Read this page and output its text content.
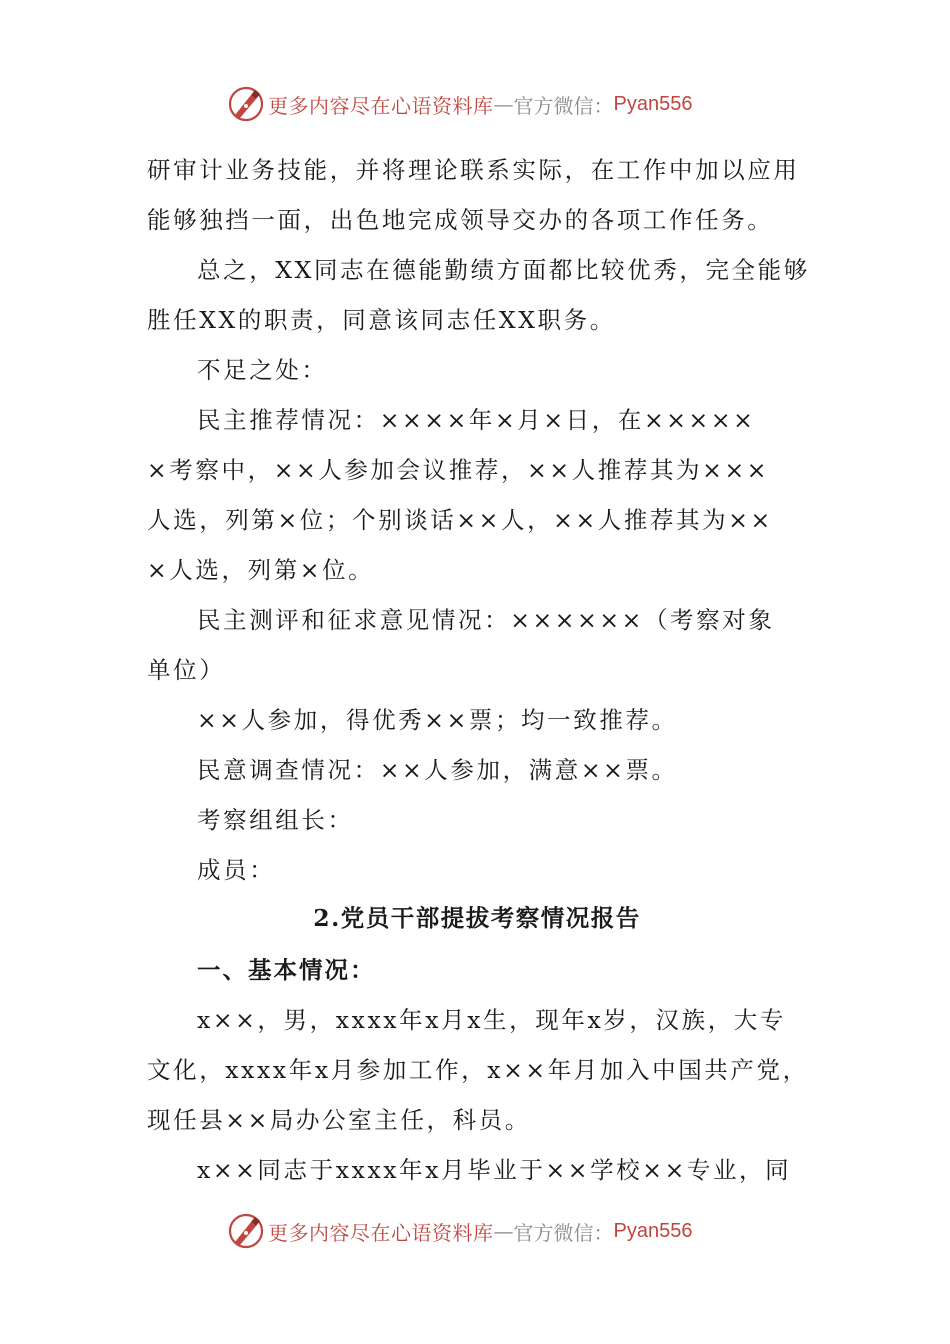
更多内容尽在心语资料库 — 官方微信： Pyan556
研审计业务技能，并将理论联系实际，在工作中加以应用
能够独挡一面，出色地完成领导交办的各项工作任务。
总之，XX同志在德能勤绩方面都比较优秀，完全能够
胜任XX的职责，同意该同志任XX职务。
不足之处：
民主推荐情况：××××年×月×日，在×××××
×考察中，××人参加会议推荐，××人推荐其为×××
人选，列第×位；个别谈话××人，××人推荐其为××
×人选，列第×位。
民主测评和征求意见情况：××××××（考察对象
单位）
××人参加，得优秀××票；均一致推荐。
民意调查情况：××人参加，满意××票。
考察组组长：
成员：
2.党员干部提拔考察情况报告
一、基本情况：
x××，男，xxxx年x月x生，现年x岁，汉族，大专
文化，xxxx年x月参加工作，x××年月加入中国共产党，
现任县××局办公室主任，科员。
x××同志于xxxx年x月毕业于××学校××专业，同
更多内容尽在心语资料库 — 官方微信： Pyan556
